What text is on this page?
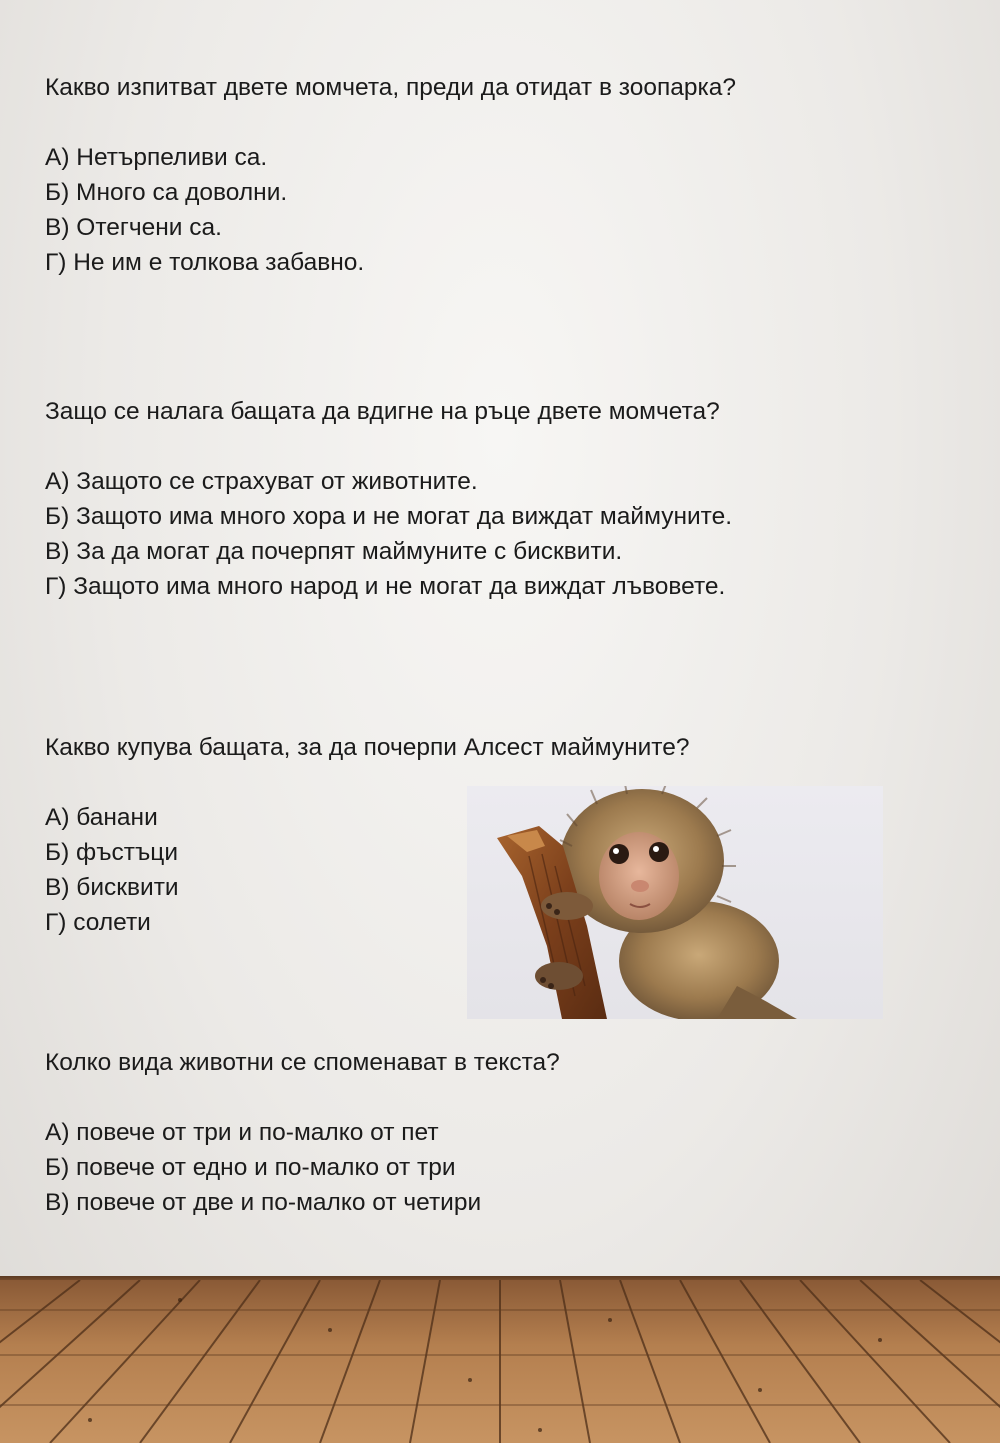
Какво изпитват двете момчета, преди да отидат в зоопарка?

А) Нетърпеливи са.

Б) Много са доволни.

В) Отегчени са.

Г) Не им е толкова забавно.

Защо се налага бащата да вдигне на ръце двете момчета?

А) Защото се страхуват от животните.

Б) Защото има много хора и не могат да виждат маймуните.

В) За да могат да почерпят маймуните с бисквити.

Г) Защото има много народ и не могат да виждат лъвовете.

Какво купува бащата, за да почерпи Алсест маймуните?

А) банани

Б) фъстъци

В) бисквити

Г) солети

Колко вида животни се споменават в текста?

А) повече от три и по-малко от пет

Б) повече от едно и по-малко от три

В) повече от две и по-малко от четири
